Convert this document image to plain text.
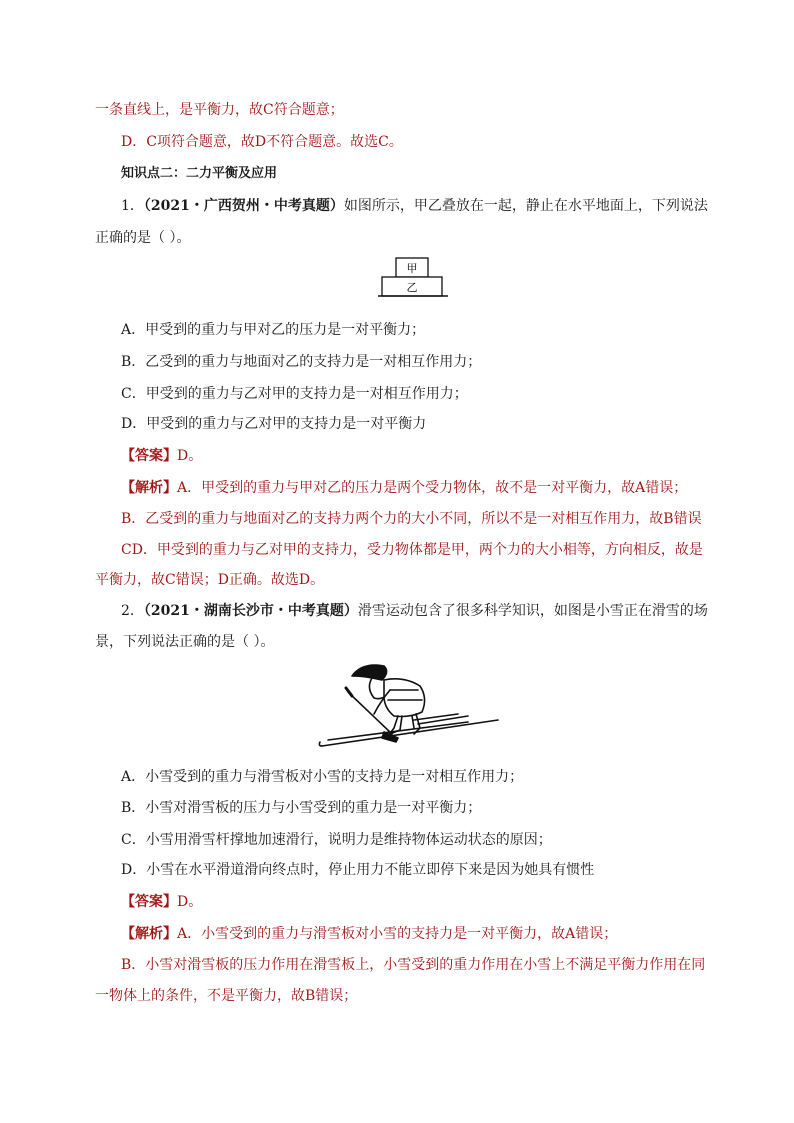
一条直线上，是平衡力，故C符合题意；
D．C项符合题意，故D不符合题意。故选C。
知识点二：二力平衡及应用
1．（2021・广西贺州・中考真题）如图所示，甲乙叠放在一起，静止在水平地面上，下列说法
正确的是（ ）。
甲
乙
A．甲受到的重力与甲对乙的压力是一对平衡力；
B．乙受到的重力与地面对乙的支持力是一对相互作用力；
C．甲受到的重力与乙对甲的支持力是一对相互作用力；
D．甲受到的重力与乙对甲的支持力是一对平衡力
【答案】D。
【解析】A．甲受到的重力与甲对乙的压力是两个受力物体，故不是一对平衡力，故A错误；
B．乙受到的重力与地面对乙的支持力两个力的大小不同，所以不是一对相互作用力，故B错误
CD．甲受到的重力与乙对甲的支持力，受力物体都是甲，两个力的大小相等，方向相反，故是
平衡力，故C错误；D正确。故选D。
2．（2021・湖南长沙市・中考真题）滑雪运动包含了很多科学知识，如图是小雪正在滑雪的场
景，下列说法正确的是（ ）。
A．小雪受到的重力与滑雪板对小雪的支持力是一对相互作用力；
B．小雪对滑雪板的压力与小雪受到的重力是一对平衡力；
C．小雪用滑雪杆撑地加速滑行，说明力是维持物体运动状态的原因；
D．小雪在水平滑道滑向终点时，停止用力不能立即停下来是因为她具有惯性
【答案】D。
【解析】A．小雪受到的重力与滑雪板对小雪的支持力是一对平衡力，故A错误；
B．小雪对滑雪板的压力作用在滑雪板上，小雪受到的重力作用在小雪上不满足平衡力作用在同
一物体上的条件，不是平衡力，故B错误；
